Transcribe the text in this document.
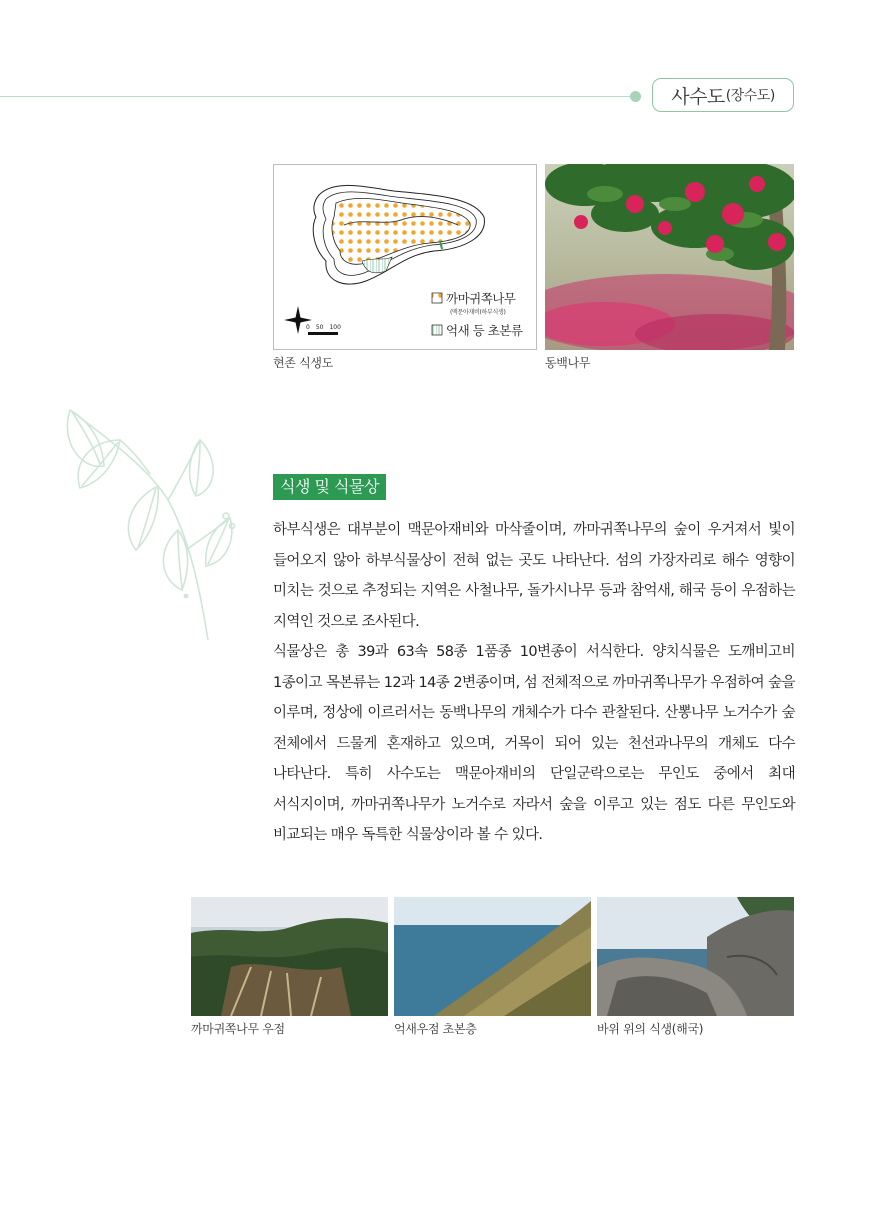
사수도 (장수도)
까마귀쪽나무
(맥문아재비(하부식생)
억새 등 초본류
0 50 100
현존 식생도	동백나무
식생 및 식물상

하부식생은 대부분이 맥문아재비와 마삭줄이며, 까마귀쪽나무의 숲이 우거져서 빛이 들어오지 않아 하부식물상이 전혀 없는 곳도 나타난다. 섬의 가장자리로 해수 영향이 미치는 것으로 추정되는 지역은 사철나무, 돌가시나무 등과 참억새, 해국 등이 우점하는 지역인 것으로 조사된다.

식물상은 총 39과 63속 58종 1품종 10변종이 서식한다. 양치식물은 도깨비고비 1종이고 목본류는 12과 14종 2변종이며, 섬 전체적으로 까마귀쪽나무가 우점하여 숲을 이루며, 정상에 이르러서는 동백나무의 개체수가 다수 관찰된다. 산뽕나무 노거수가 숲 전체에서 드물게 혼재하고 있으며, 거목이 되어 있는 천선과나무의 개체도 다수 나타난다. 특히 사수도는 맥문아재비의 단일군락으로는 무인도 중에서 최대 서식지이며, 까마귀쪽나무가 노거수로 자라서 숲을 이루고 있는 점도 다른 무인도와 비교되는 매우 독특한 식물상이라 볼 수 있다.

까마귀쪽나무 우점	억새우점 초본층	바위 위의 식생(해국)
